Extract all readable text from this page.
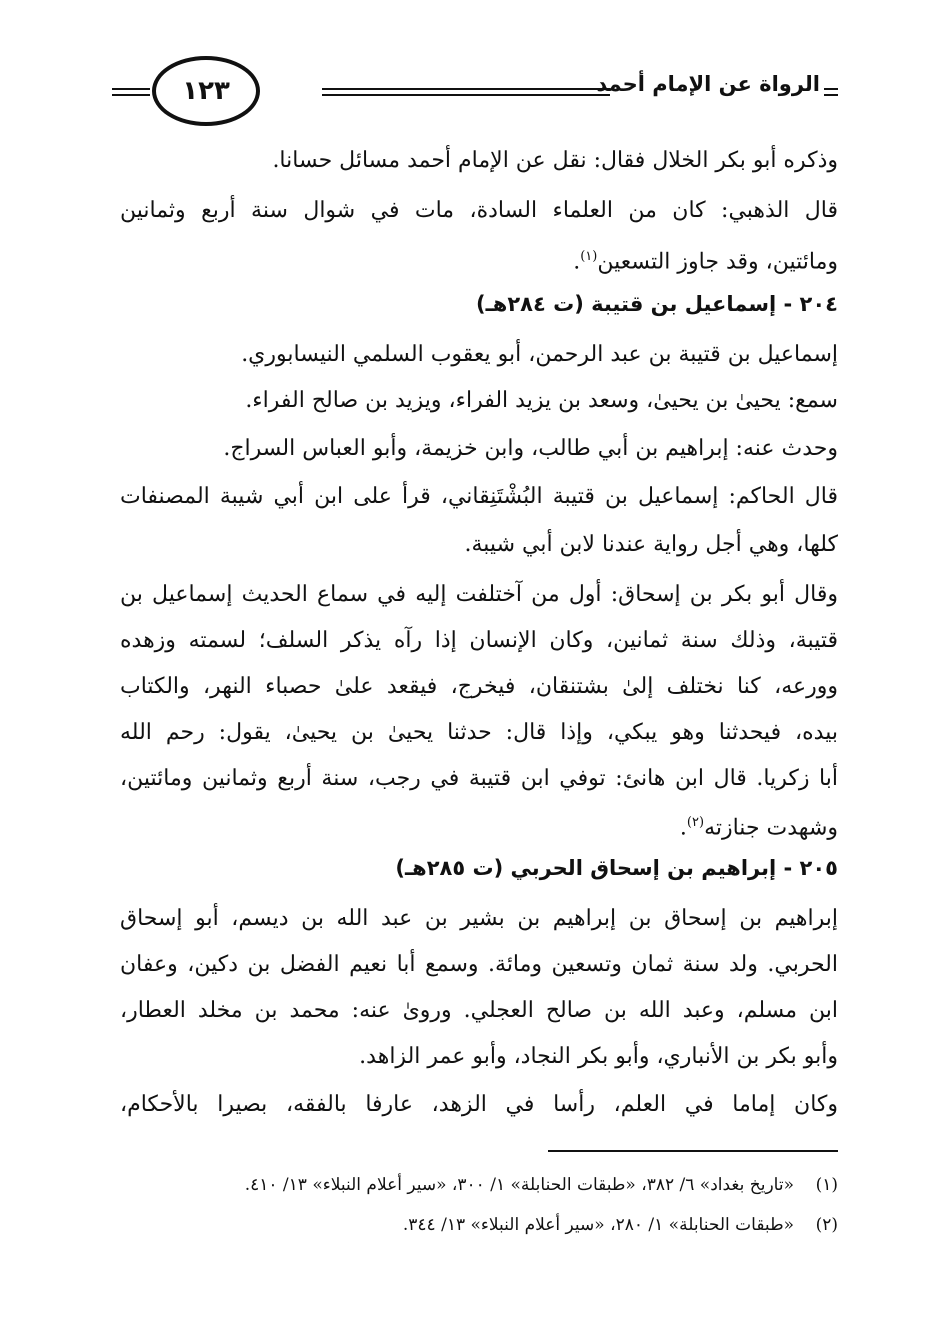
الرواة عن الإمام أحمد
١٢٣
وذكره أبو بكر الخلال فقال: نقل عن الإمام أحمد مسائل حسانا.
قال الذهبي: كان من العلماء السادة، مات في شوال سنة أربع وثمانين
ومائتين، وقد جاوز التسعين$^{(١)}$.
٢٠٤ - إسماعيل بن قتيبة (ت ٢٨٤هـ)
إسماعيل بن قتيبة بن عبد الرحمن، أبو يعقوب السلمي النيسابوري.
سمع: يحيىٰ بن يحيىٰ، وسعد بن يزيد الفراء، ويزيد بن صالح الفراء.
وحدث عنه: إبراهيم بن أبي طالب، وابن خزيمة، وأبو العباس السراج.
قال الحاكم: إسماعيل بن قتيبة البُشْتَنِقاني، قرأ على ابن أبي شيبة المصنفات
كلها، وهي أجل رواية عندنا لابن أبي شيبة.
وقال أبو بكر بن إسحاق: أول من آختلفت إليه في سماع الحديث إسماعيل بن
قتيبة، وذلك سنة ثمانين، وكان الإنسان إذا رآه يذكر السلف؛ لسمته وزهده
وورعه، كنا نختلف إلىٰ بشتنقان، فيخرج، فيقعد علىٰ حصباء النهر، والكتاب
بيده، فيحدثنا وهو يبكي، وإذا قال: حدثنا يحيىٰ بن يحيىٰ، يقول: رحم الله
أبا زكريا. قال ابن هانئ: توفي ابن قتيبة في رجب، سنة أربع وثمانين ومائتين،
وشهدت جنازته$^{(٢)}$.
٢٠٥ - إبراهيم بن إسحاق الحربي (ت ٢٨٥هـ)
إبراهيم بن إسحاق بن إبراهيم بن بشير بن عبد الله بن ديسم، أبو إسحاق
الحربي. ولد سنة ثمان وتسعين ومائة. وسمع أبا نعيم الفضل بن دكين، وعفان
ابن مسلم، وعبد الله بن صالح العجلي. وروىٰ عنه: محمد بن مخلد العطار،
وأبو بكر بن الأنباري، وأبو بكر النجاد، وأبو عمر الزاهد.
وكان إماما في العلم، رأسا في الزهد، عارفا بالفقه، بصيرا بالأحكام،
(١)«تاريخ بغداد» ٦/ ٣٨٢، «طبقات الحنابلة» ١/ ٣٠٠، «سير أعلام النبلاء» ١٣/ ٤١٠.
(٢)«طبقات الحنابلة» ١/ ٢٨٠، «سير أعلام النبلاء» ١٣/ ٣٤٤.
